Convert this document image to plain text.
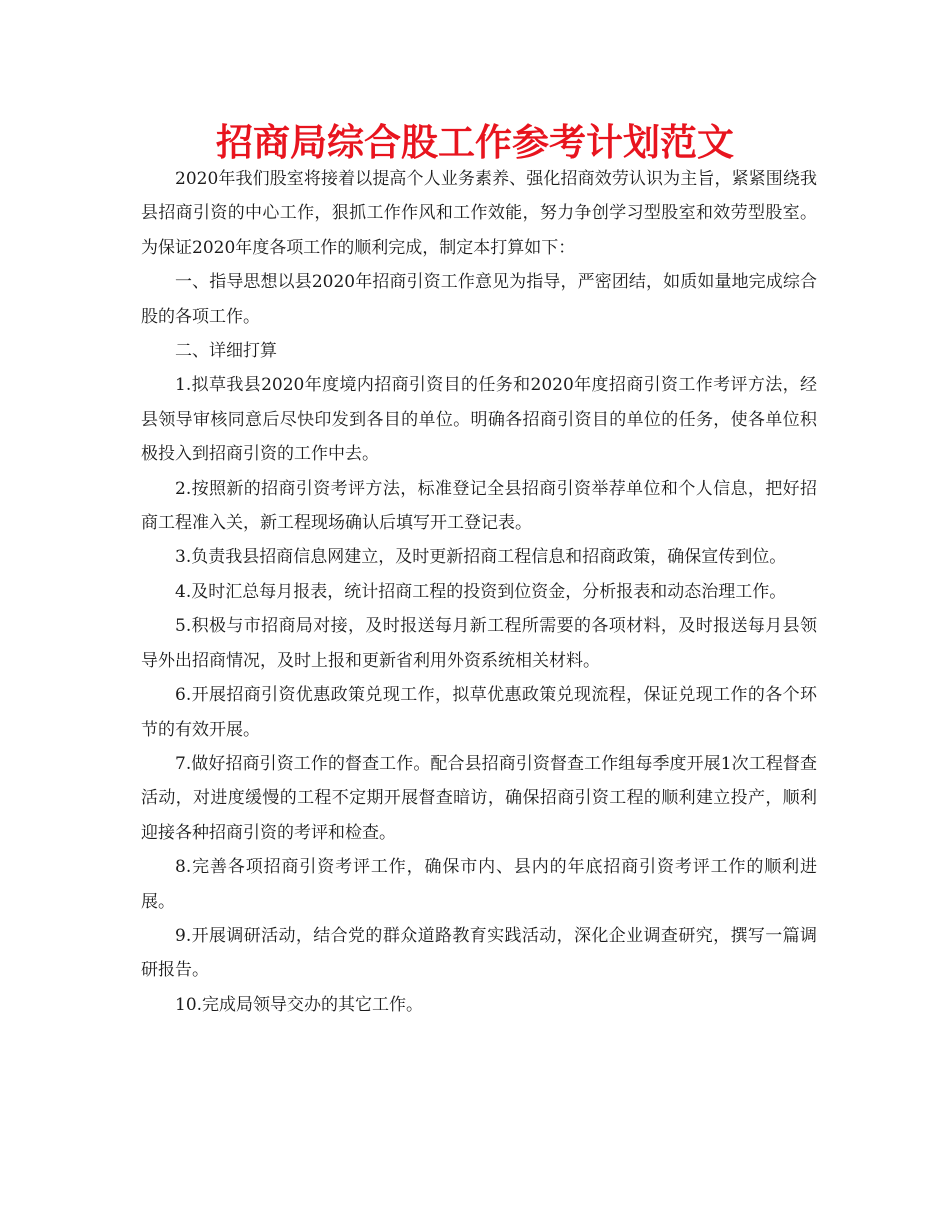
招商局综合股工作参考计划范文

2020年我们股室将接着以提高个人业务素养、强化招商效劳认识为主旨，紧紧围绕我县招商引资的中心工作，狠抓工作作风和工作效能，努力争创学习型股室和效劳型股室。为保证2020年度各项工作的顺利完成，制定本打算如下：

一、指导思想以县2020年招商引资工作意见为指导，严密团结，如质如量地完成综合股的各项工作。

二、详细打算

1.拟草我县2020年度境内招商引资目的任务和2020年度招商引资工作考评方法，经县领导审核同意后尽快印发到各目的单位。明确各招商引资目的单位的任务，使各单位积极投入到招商引资的工作中去。

2.按照新的招商引资考评方法，标准登记全县招商引资举荐单位和个人信息，把好招商工程准入关，新工程现场确认后填写开工登记表。

3.负责我县招商信息网建立，及时更新招商工程信息和招商政策，确保宣传到位。

4.及时汇总每月报表，统计招商工程的投资到位资金，分析报表和动态治理工作。

5.积极与市招商局对接，及时报送每月新工程所需要的各项材料，及时报送每月县领导外出招商情况，及时上报和更新省利用外资系统相关材料。

6.开展招商引资优惠政策兑现工作，拟草优惠政策兑现流程，保证兑现工作的各个环节的有效开展。

7.做好招商引资工作的督查工作。配合县招商引资督查工作组每季度开展1次工程督查活动，对进度缓慢的工程不定期开展督查暗访，确保招商引资工程的顺利建立投产，顺利迎接各种招商引资的考评和检查。

8.完善各项招商引资考评工作，确保市内、县内的年底招商引资考评工作的顺利进展。

9.开展调研活动，结合党的群众道路教育实践活动，深化企业调查研究，撰写一篇调研报告。

10.完成局领导交办的其它工作。
